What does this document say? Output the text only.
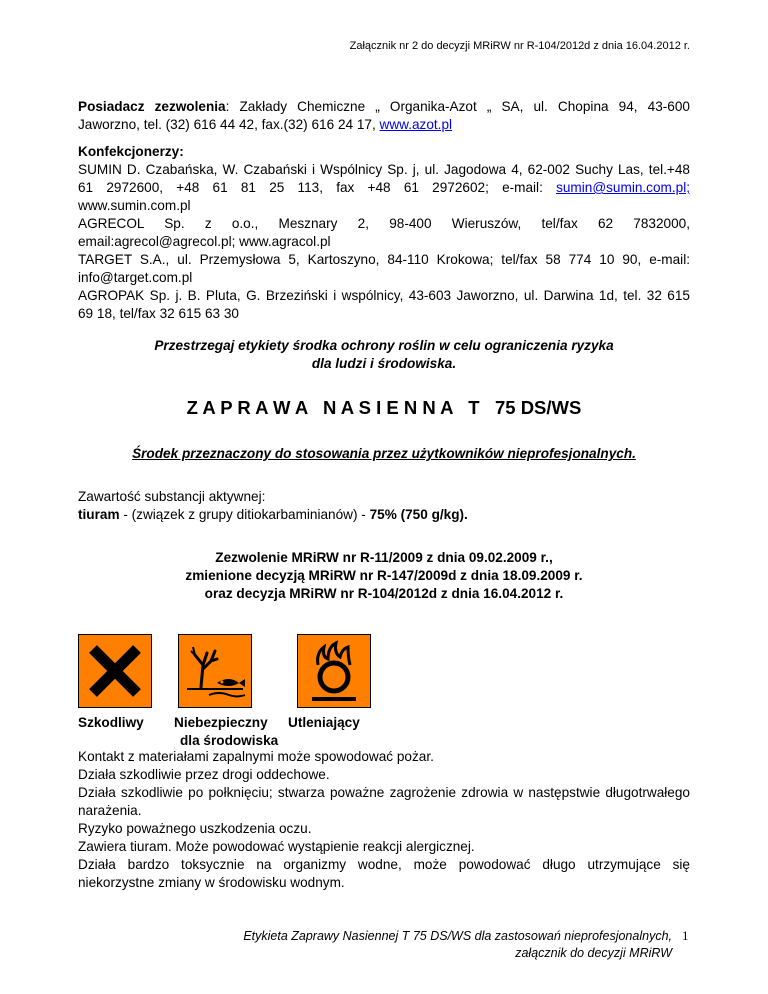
Załącznik nr 2 do decyzji MRiRW nr R-104/2012d z dnia 16.04.2012 r.
Posiadacz zezwolenia: Zakłady Chemiczne „ Organika-Azot „ SA, ul. Chopina 94, 43-600
Jaworzno, tel. (32) 616 44 42, fax.(32) 616 24 17, www.azot.pl
Konfekcjonerzy:
SUMIN D. Czabańska, W. Czabański i Wspólnicy Sp. j, ul. Jagodowa 4, 62-002 Suchy Las, tel.+48
61 2972600, +48 61 81 25 113, fax +48 61 2972602; e-mail: sumin@sumin.com.pl;
www.sumin.com.pl
AGRECOL Sp. z o.o., Mesznary 2, 98-400 Wieruszów, tel/fax 62 7832000,
email:agrecol@agrecol.pl; www.agracol.pl
TARGET S.A., ul. Przemysłowa 5, Kartoszyno, 84-110 Krokowa; tel/fax 58 774 10 90, e-mail:
info@target.com.pl
AGROPAK Sp. j. B. Pluta, G. Brzeziński i wspólnicy, 43-603 Jaworzno, ul. Darwina 1d, tel. 32 615
69 18, tel/fax 32 615 63 30
Przestrzegaj etykiety środka ochrony roślin w celu ograniczenia ryzyka
dla ludzi i środowiska.
Z A P R A W A   N A S I E N N A   T   75 DS/WS
Środek przeznaczony do stosowania przez użytkowników nieprofesjonalnych.
Zawartość substancji aktywnej:
tiuram - (związek z grupy ditiokarbaminianów) - 75% (750 g/kg).
Zezwolenie MRiRW nr R-11/2009 z dnia 09.02.2009 r.,
zmienione decyzją MRiRW nr R-147/2009d z dnia 18.09.2009 r.
oraz decyzja MRiRW nr R-104/2012d z dnia 16.04.2012 r.
Szkodliwy Niebezpieczny
dla środowiska
Utleniający
Kontakt z materiałami zapalnymi może spowodować pożar.
Działa szkodliwie przez drogi oddechowe.
Działa szkodliwie po połknięciu; stwarza poważne zagrożenie zdrowia w następstwie długotrwałego
narażenia.
Ryzyko poważnego uszkodzenia oczu.
Zawiera tiuram. Może powodować wystąpienie reakcji alergicznej.
Działa bardzo toksycznie na organizmy wodne, może powodować długo utrzymujące się
niekorzystne zmiany w środowisku wodnym.
Etykieta Zaprawy Nasiennej T 75 DS/WS dla zastosowań nieprofesjonalnych,
załącznik do decyzji MRiRW
1
